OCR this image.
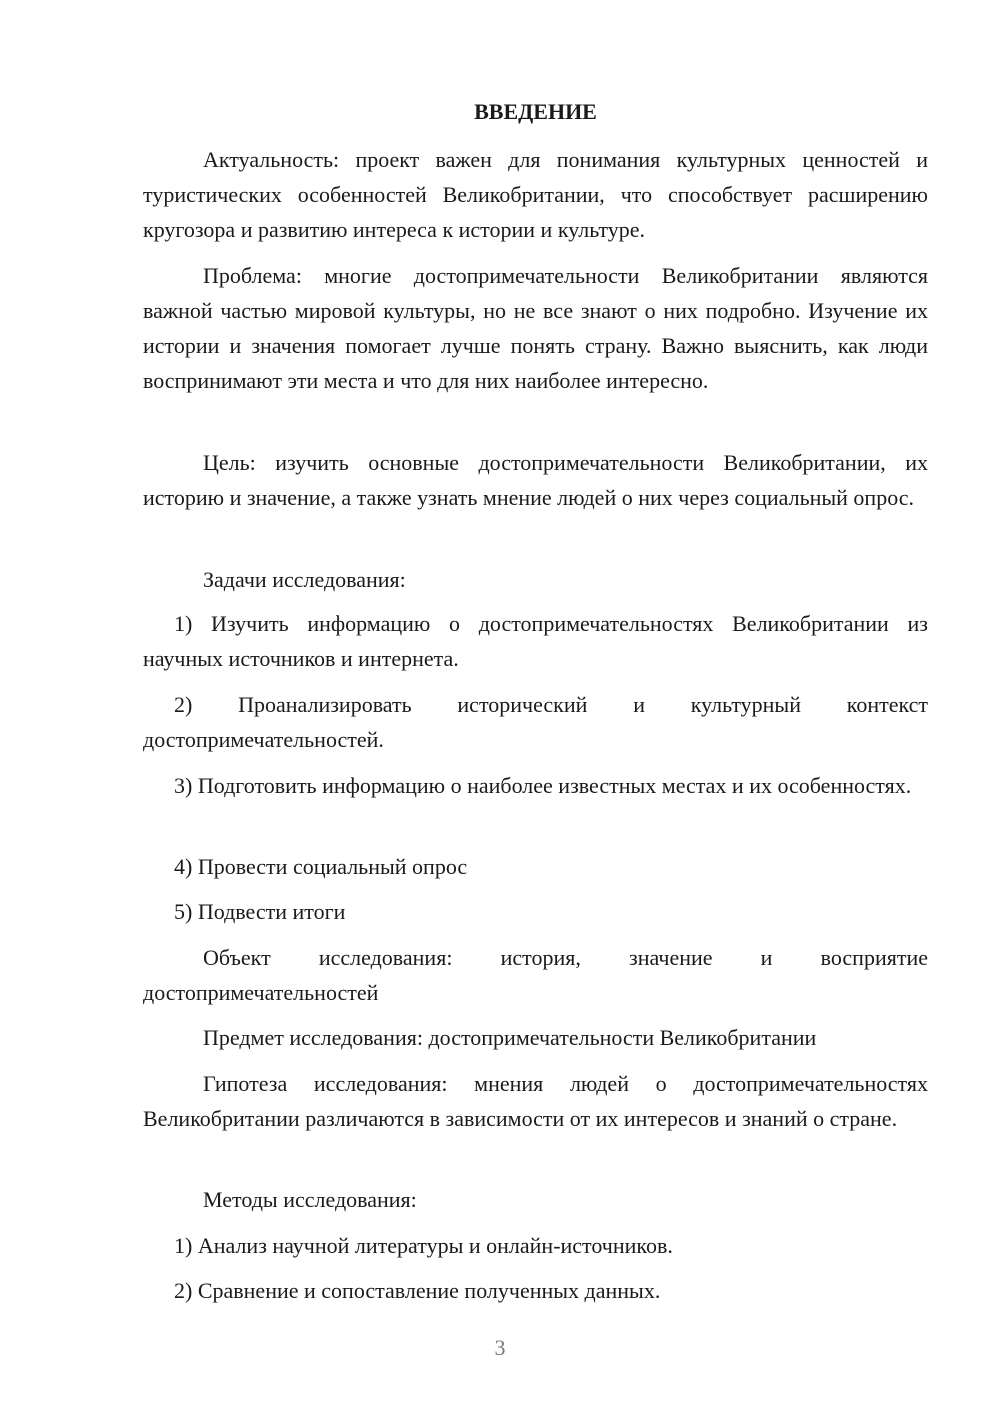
ВВЕДЕНИЕ

Актуальность: проект важен для понимания культурных ценностей и туристических особенностей Великобритании, что способствует расширению кругозора и развитию интереса к истории и культуре.

Проблема: многие достопримечательности Великобритании являются важной частью мировой культуры, но не все знают о них подробно. Изучение их истории и значения помогает лучше понять страну. Важно выяснить, как люди воспринимают эти места и что для них наиболее интересно.

Цель: изучить основные достопримечательности Великобритании, их историю и значение, а также узнать мнение людей о них через социальный опрос.

Задачи исследования:

1) Изучить информацию о достопримечательностях Великобритании из научных источников и интернета.

2) Проанализировать исторический и культурный контекст достопримечательностей.

3) Подготовить информацию о наиболее известных местах и их особенностях.

4) Провести социальный опрос

5) Подвести итоги

Объект исследования: история, значение и восприятие достопримечательностей

Предмет исследования: достопримечательности Великобритании

Гипотеза исследования: мнения людей о достопримечательностях Великобритании различаются в зависимости от их интересов и знаний о стране.

Методы исследования:

1) Анализ научной литературы и онлайн-источников.

2) Сравнение и сопоставление полученных данных.

3
